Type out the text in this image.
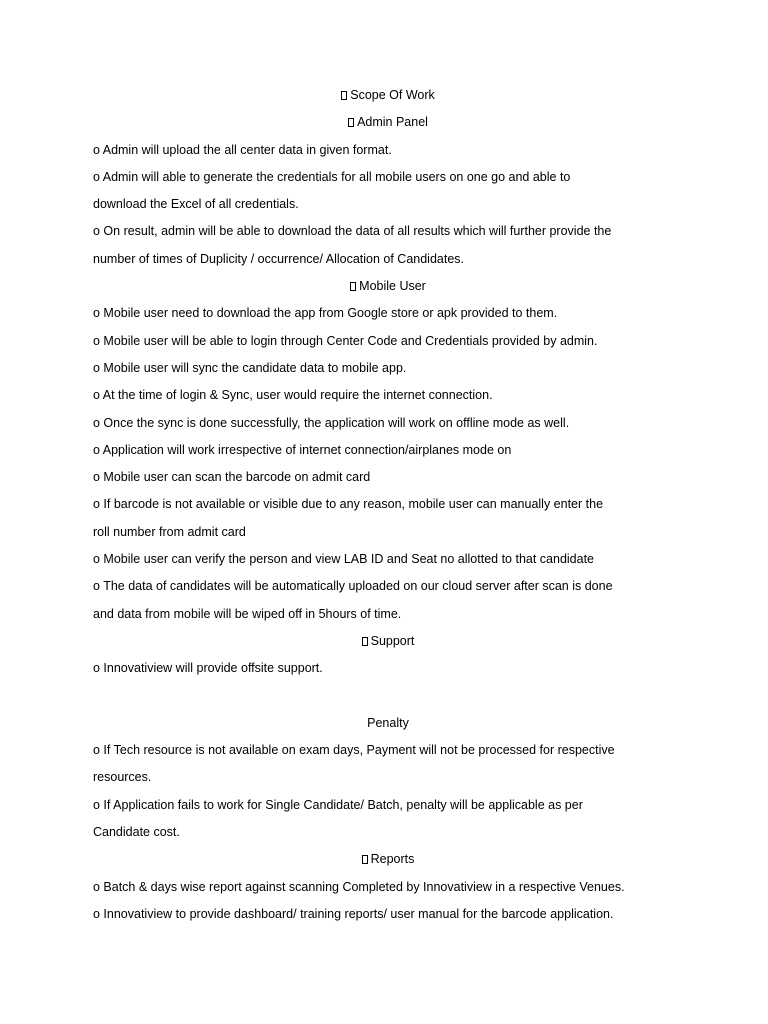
Scope Of Work
Admin Panel
o Admin will upload the all center data in given format.
o Admin will able to generate the credentials for all mobile users on one go and able to
download the Excel of all credentials.
o On result, admin will be able to download the data of all results which will further provide the
number of times of Duplicity / occurrence/ Allocation of Candidates.
Mobile User
o Mobile user need to download the app from Google store or apk provided to them.
o Mobile user will be able to login through Center Code and Credentials provided by admin.
o Mobile user will sync the candidate data to mobile app.
o At the time of login & Sync, user would require the internet connection.
o Once the sync is done successfully, the application will work on offline mode as well.
o Application will work irrespective of internet connection/airplanes mode on
o Mobile user can scan the barcode on admit card
o If barcode is not available or visible due to any reason, mobile user can manually enter the
roll number from admit card
o Mobile user can verify the person and view LAB ID and Seat no allotted to that candidate
o The data of candidates will be automatically uploaded on our cloud server after scan is done
and data from mobile will be wiped off in 5hours of time.
Support
o Innovatiview will provide offsite support.
Penalty
o If Tech resource is not available on exam days, Payment will not be processed for respective
resources.
o If Application fails to work for Single Candidate/ Batch, penalty will be applicable as per
Candidate cost.
Reports
o Batch & days wise report against scanning Completed by Innovatiview in a respective Venues.
o Innovatiview to provide dashboard/ training reports/ user manual for the barcode application.
